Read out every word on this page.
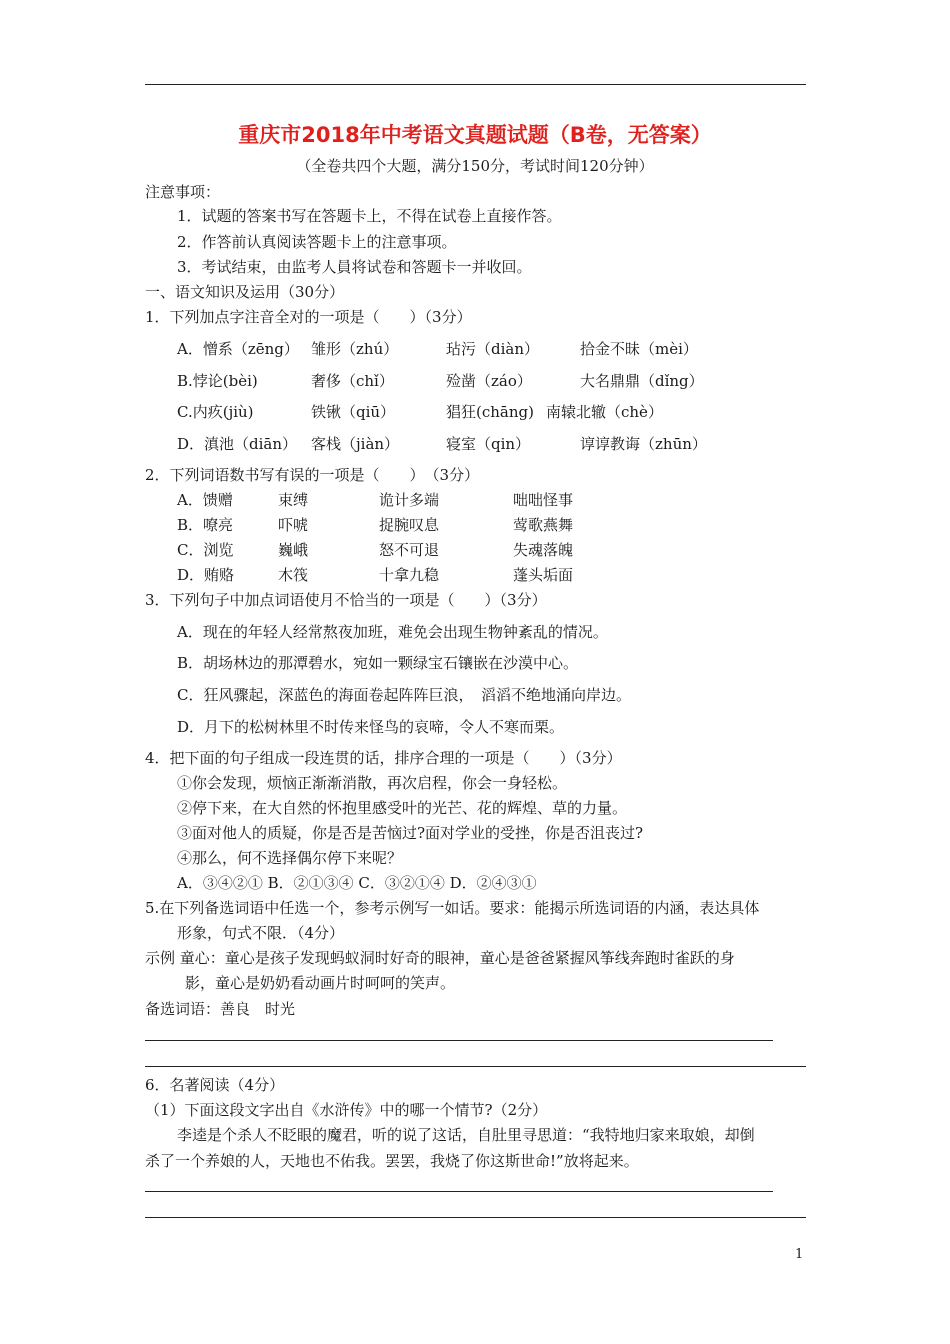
重庆市2018年中考语文真题试题（B卷，无答案）
（全卷共四个大题，满分150分，考试时间120分钟）
注意事项：
1．试题的答案书写在答题卡上，不得在试卷上直接作答。
2．作答前认真阅读答题卡上的注意事项。
3．考试结束，由监考人員将试卷和答题卡一并收回。
一、语文知识及运用（30分）
1．下列加点字注音全对的一项是（　　）（3分）
A．憎系（zēng） 雏形（zhú）	玷污（diàn）	拾金不昧（mèi）
B.悖论(bèi)	奢侈（chǐ）	殓凿（záo）	大名鼎鼎（dǐng）
C.内疚(jiù)	铁锹（qiū）	猖狂(chāng) 南辕北辙（chè）
D．滇池（diān） 客栈（jiàn）	寝室（qin）	谆谆教诲（zhūn）
2．下列词语数书写有误的一项是（　　）　（3分）
A．馈赠	束缚	诡计多端	咄咄怪事
B．嘹亮	吓唬	捉腕叹息	莺歌燕舞
C．浏览	巍峨	怒不可退	失魂落魄
D．贿赂	木筏	十拿九稳	蓬头垢面
3．下列句子中加点词语使月不恰当的一项是（　　）（3分）
A．现在的年轻人经常熬夜加班，难免会出现生物钟紊乱的情况。
B．胡场林边的那潭碧水，宛如一颗绿宝石镶嵌在沙漠中心。
C．狂风骤起，深蓝色的海面卷起阵阵巨浪，　滔滔不绝地涌向岸边。
D．月下的松树林里不时传来怪鸟的哀啼，令人不寒而栗。
4．把下面的句子组成一段连贯的话，排序合理的一项是（　　）（3分）
①你会发现，烦恼正渐渐消散，再次启程，你会一身轻松。
②停下来，在大自然的怀抱里感受叶的光芒、花的辉煌、草的力量。
③面对他人的质疑，你是否是苦恼过?面对学业的受挫，你是否沮丧过?
④那么，何不选择偶尔停下来呢？
A．③④②① B．②①③④ C．③②①④ D．②④③①
5.在下列备选词语中任选一个，参考示例写一如话。要求：能揭示所选词语的内涵，表达具体
形象，句式不限．（4分）
示例 童心：童心是孩子发现蚂蚁洞时好奇的眼神，童心是爸爸紧握风筝线奔跑时雀跃的身
影，童心是奶奶看动画片时呵呵的笑声。
备选词语：善良　时光
6．名著阅读（4分）
（1）下面这段文字出自《水浒传》中的哪一个情节?（2分）
李逵是个杀人不眨眼的魔君，听的说了这话，自肚里寻思道：“我特地归家来取娘，却倒
杀了一个养娘的人，天地也不佑我。罢罢，我烧了你这斯世命!”放将起来。
1
